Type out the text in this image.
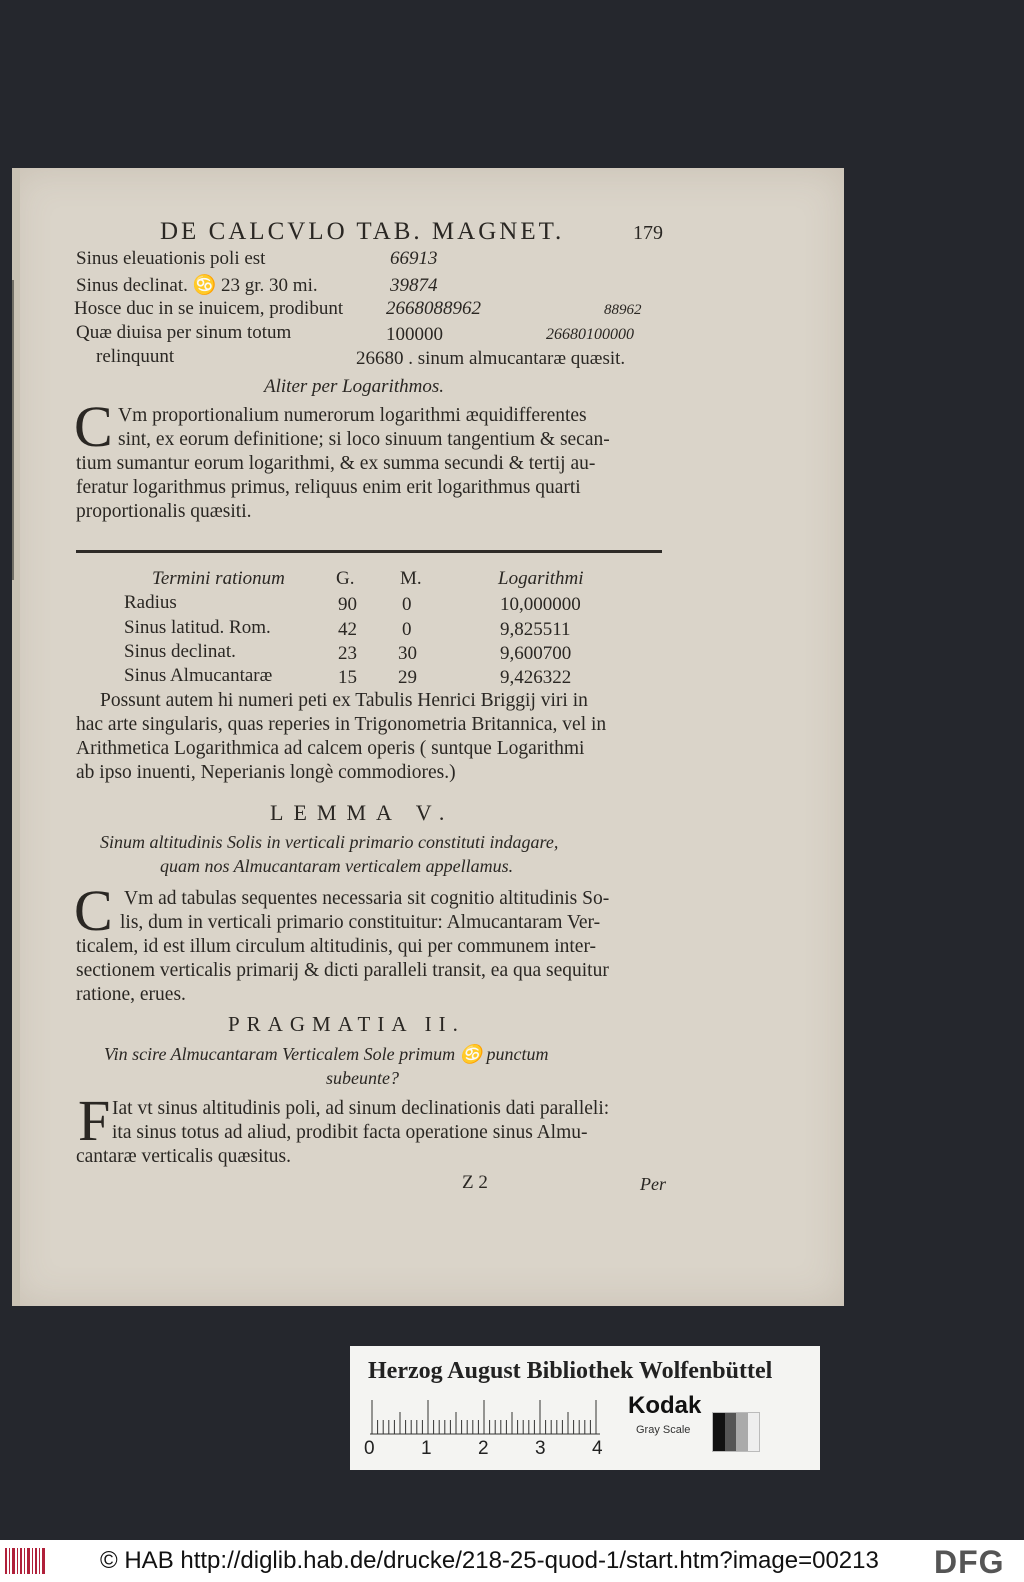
DE CALCVLO TAB. MAGNET.	179
Sinus eleuationis poli est	66913
Sinus declinat. ♋ 23 gr. 30 mi.	39874
Hosce duc in se inuicem, prodibunt 2668088962	88962
Quæ diuisa per sinum totum	100000	26680100000
relinquunt	26680 . sinum almucantaræ quæsit.
Aliter per Logarithmos.
C Vm proportionalium numerorum logarithmi æquidifferentes
sint, ex eorum definitione; si loco sinuum tangentium & secan-
tium sumantur eorum logarithmi, & ex summa secundi & tertij au-
feratur logarithmus primus, reliquus enim erit logarithmus quarti
proportionalis quæsiti.
Termini rationum	G. M.	Logarithmi
Radius	90 0	10,000000
Sinus latitud. Rom.	42 0	9,825511
Sinus declinat.	23 30	9,600700
Sinus Almucantaræ	15 29	9,426322
Possunt autem hi numeri peti ex Tabulis Henrici Briggij viri in
hac arte singularis, quas reperies in Trigonometria Britannica, vel in
Arithmetica Logarithmica ad calcem operis ( suntque Logarithmi
ab ipso inuenti, Neperianis longè commodiores.)
LEMMA V.
Sinum altitudinis Solis in verticali primario constituti indagare,
quam nos Almucantaram verticalem appellamus.
C Vm ad tabulas sequentes necessaria sit cognitio altitudinis So-
lis, dum in verticali primario constituitur: Almucantaram Ver-
ticalem, id est illum circulum altitudinis, qui per communem inter-
sectionem verticalis primarij & dicti paralleli transit, ea qua sequitur
ratione, erues.
PRAGMATIA II.
Vin scire Almucantaram Verticalem Sole primum ♋ punctum
subeunte?
F Iat vt sinus altitudinis poli, ad sinum declinationis dati paralleli:
ita sinus totus ad aliud, prodibit facta operatione sinus Almu-
cantaræ verticalis quæsitus.
Z 2	Per
Herzog August Bibliothek Wolfenbüttel
0 1 2 3 4
Kodak
Gray Scale
© HAB http://diglib.hab.de/drucke/218-25-quod-1/start.htm?image=00213 DFG
